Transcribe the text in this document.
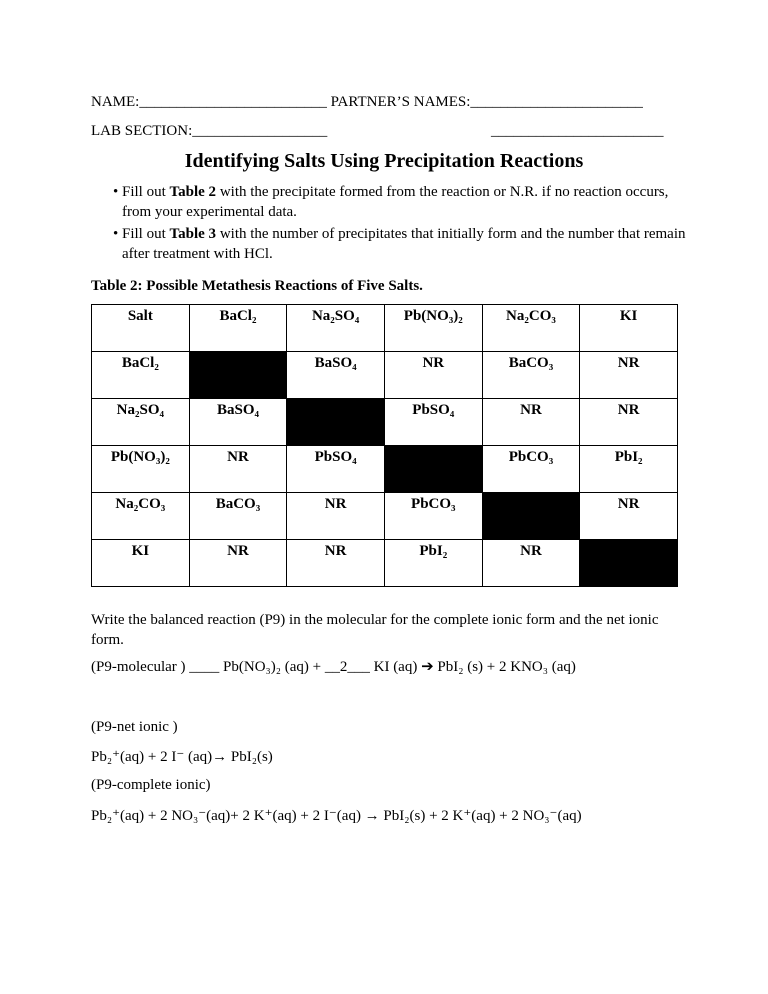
NAME:_________________________ PARTNER’S NAMES:_______________________
LAB SECTION:__________________	_______________________
Identifying Salts Using Precipitation Reactions
• Fill out Table 2 with the precipitate formed from the reaction or N.R. if no reaction occurs, from your experimental data.
• Fill out Table 3 with the number of precipitates that initially form and the number that remain after treatment with HCl.
Table 2: Possible Metathesis Reactions of Five Salts.
Salt	BaCl₂	Na₂SO₄	Pb(NO₃)₂	Na₂CO₃	KI
BaCl₂		BaSO₄	NR	BaCO₃	NR
Na₂SO₄	BaSO₄		PbSO₄	NR	NR
Pb(NO₃)₂	NR	PbSO₄		PbCO₃	PbI₂
Na₂CO₃	BaCO₃	NR	PbCO₃		NR
KI	NR	NR	PbI₂	NR	
Write the balanced reaction (P9) in the molecular for the complete ionic form and the net ionic form.
(P9-molecular ) ____ Pb(NO₃)₂ (aq) + __2___ KI (aq) ➔ PbI₂ (s) + 2 KNO₃ (aq)
(P9-net ionic )
Pb₂⁺(aq) + 2 I⁻ (aq)→ PbI₂(s)
(P9-complete ionic)
Pb₂⁺(aq) + 2 NO₃⁻(aq)+ 2 K⁺(aq) + 2 I⁻(aq) → PbI₂(s) + 2 K⁺(aq) + 2 NO₃⁻(aq)
